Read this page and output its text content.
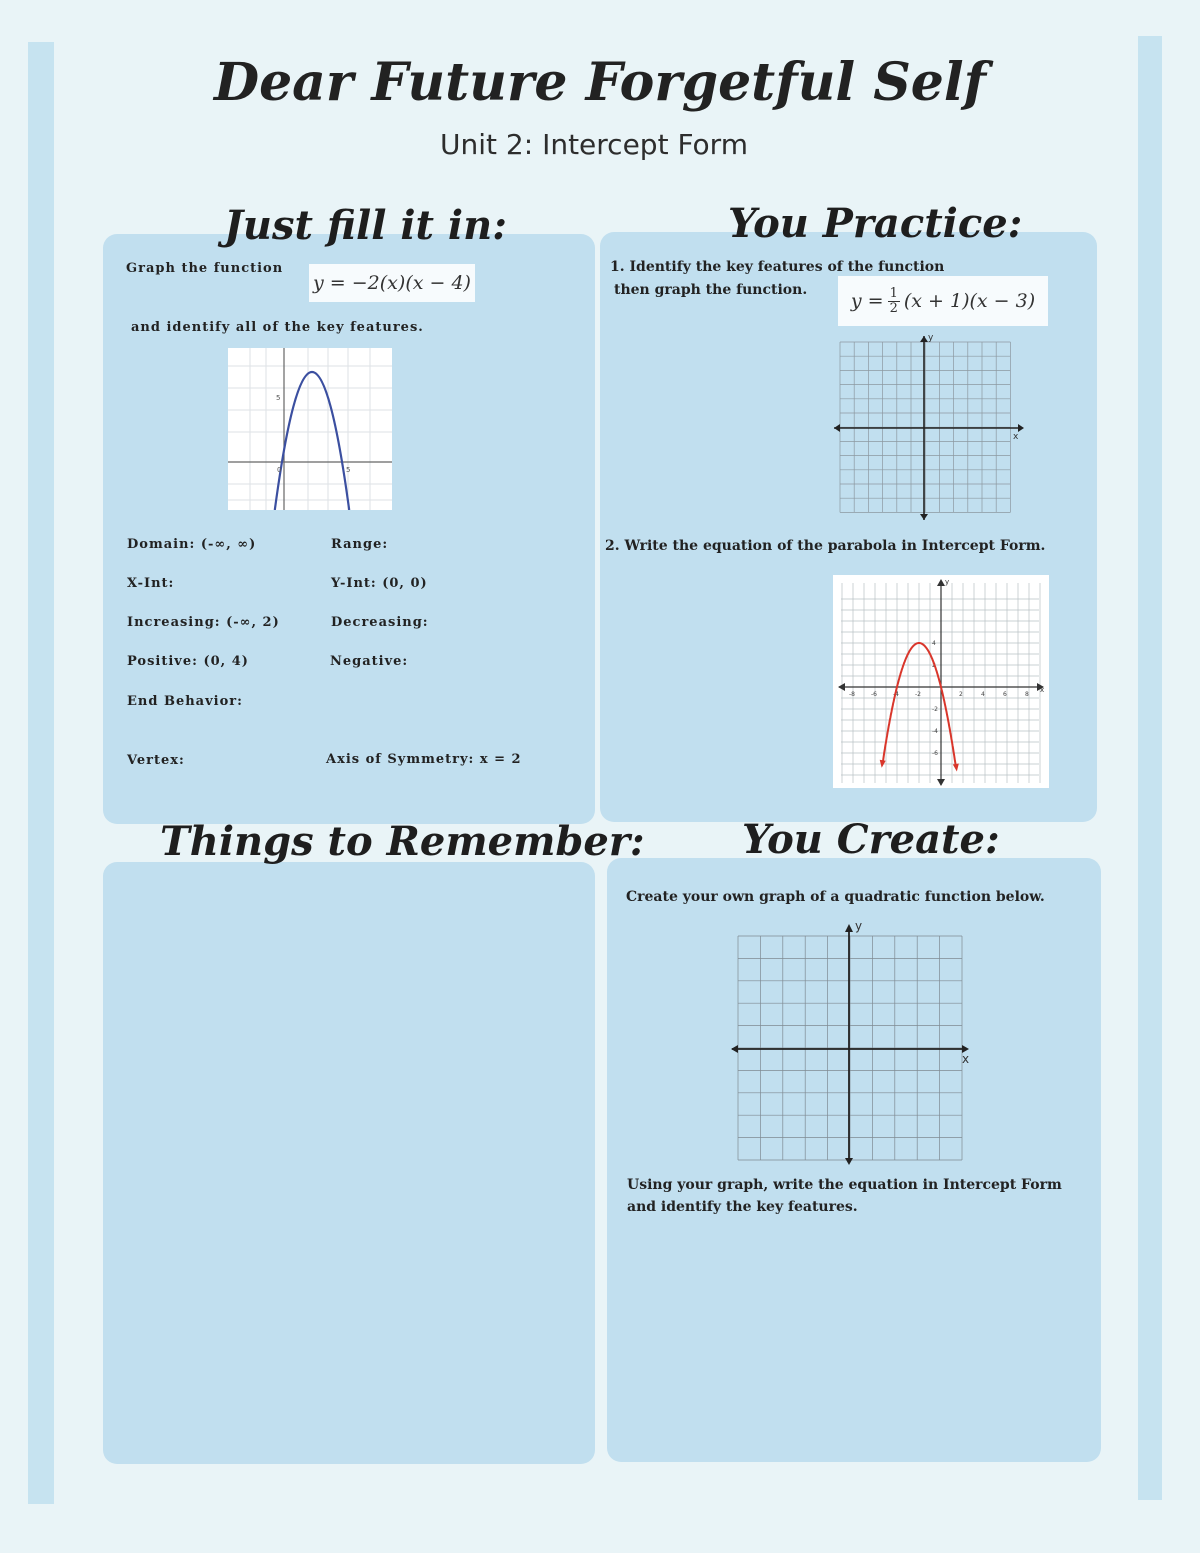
Dear Future Forgetful Self
Unit 2: Intercept Form
Just fill it in:
Graph the function
y = −2(x)(x − 4)
and identify all of the key features.
0	5
5
Domain: (-∞, ∞)	Range:
X-Int:	Y-Int: (0, 0)
Increasing: (-∞, 2)	Decreasing:
Positive: (0, 4)	Negative:
End Behavior:
Vertex:	Axis of Symmetry: x = 2
You Practice:
1. Identify the key features of the function
then graph the function. $y = \frac{1}{2} (x + 1)(x - 3)$
x
y
2. Write the equation of the parabola in Intercept Form.
-8	-6	-4	-2	2	4	6	8
4
2
-2
-4
-6
x
y
Things to Remember: You Create:
Create your own graph of a quadratic function below.
x
y
Using your graph, write the equation in Intercept Form
and identify the key features.
